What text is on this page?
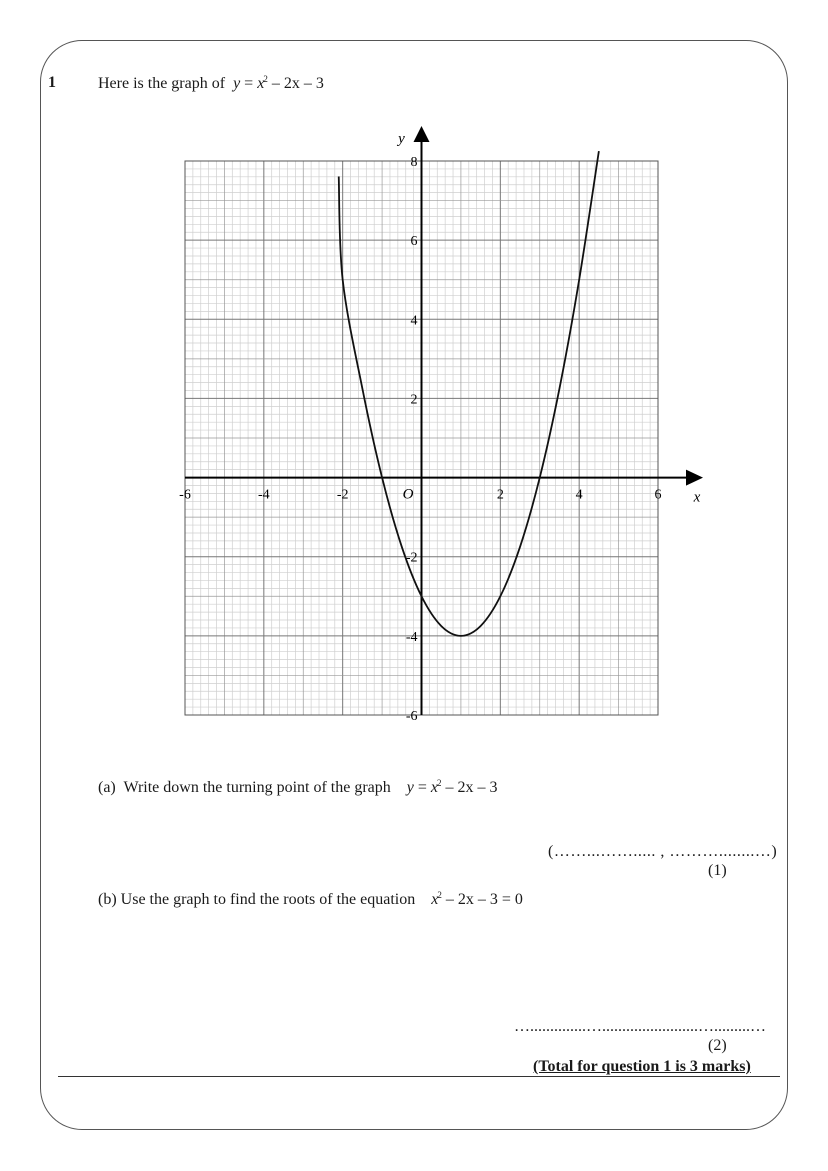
1	Here is the graph of $y = x^2 - 2x - 3$
-6	-4	-2	2	4	6
8
6
4
2
-2
-4
-6
O	x
y
(a) Write down the turning point of the graph $y = x^2 - 2x - 3$
(……...……..... , ………........…)
(1)
(b) Use the graph to find the roots of the equation $x^2 - 2x - 3 = 0$
…..............…........................….........…
(2)
(Total for question 1 is 3 marks)
